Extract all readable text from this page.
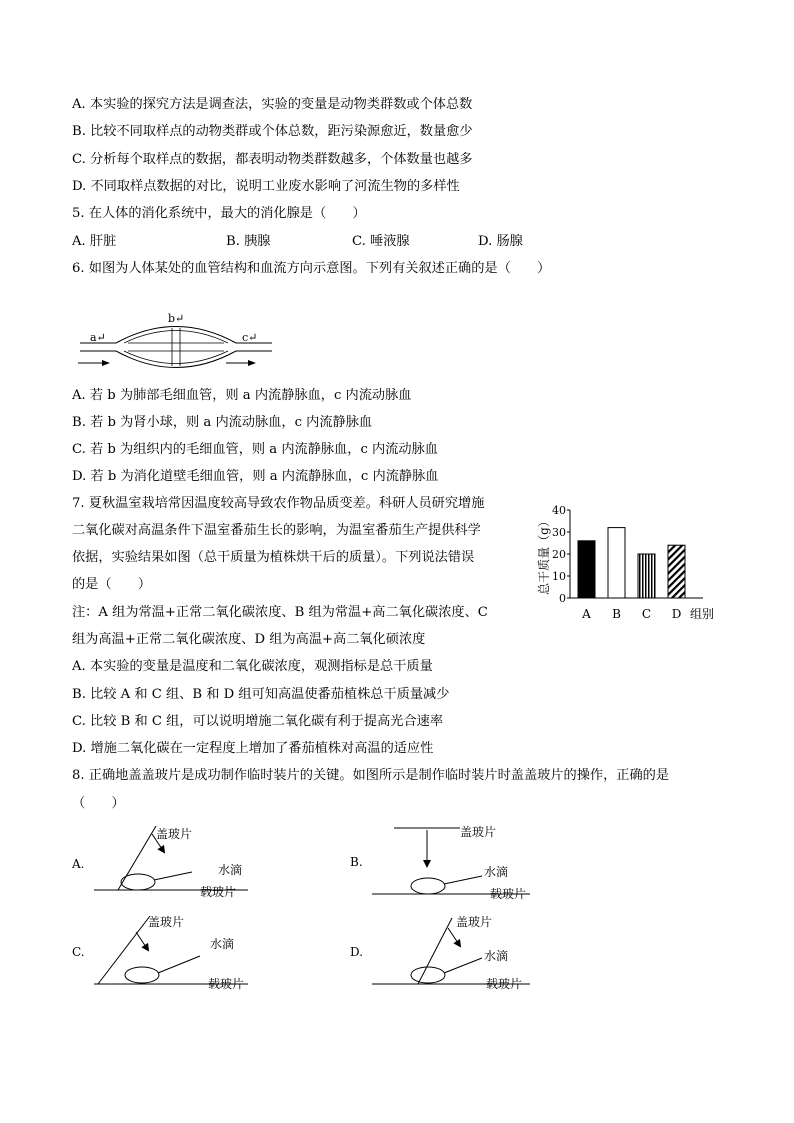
A. 本实验的探究方法是调查法，实验的变量是动物类群数或个体总数
B. 比较不同取样点的动物类群或个体总数，距污染源愈近，数量愈少
C. 分析每个取样点的数据，都表明动物类群数越多，个体数量也越多
D. 不同取样点数据的对比，说明工业废水影响了河流生物的多样性
5. 在人体的消化系统中，最大的消化腺是（　　）
A. 肝脏	B. 胰腺	C. 唾液腺	D. 肠腺
6. 如图为人体某处的血管结构和血流方向示意图。下列有关叙述正确的是（　　）
a↵
b↵
c↵
A. 若 b 为肺部毛细血管，则 a 内流静脉血，c 内流动脉血
B. 若 b 为肾小球，则 a 内流动脉血，c 内流静脉血
C. 若 b 为组织内的毛细血管，则 a 内流静脉血，c 内流动脉血
D. 若 b 为消化道壁毛细血管，则 a 内流静脉血，c 内流静脉血
7. 夏秋温室栽培常因温度较高导致农作物品质变差。科研人员研究增施
二氧化碳对高温条件下温室番茄生长的影响，为温室番茄生产提供科学
依据，实验结果如图（总干质量为植株烘干后的质量）。下列说法错误
的是（　　）
注：A 组为常温+正常二氧化碳浓度、B 组为常温+高二氧化碳浓度、C
组为高温+正常二氧化碳浓度、D 组为高温+高二氧化硕浓度
总干质量（g）
0
10
20
30
40
A B C D 组别
A. 本实验的变量是温度和二氧化碳浓度，观测指标是总干质量
B. 比较 A 和 C 组、B 和 D 组可知高温使番茄植株总干质量减少
C. 比较 B 和 C 组，可以说明增施二氧化碳有利于提高光合速率
D. 增施二氧化碳在一定程度上增加了番茄植株对高温的适应性
8. 正确地盖盖玻片是成功制作临时装片的关键。如图所示是制作临时装片时盖盖玻片的操作，正确的是
（　　）
A.
盖玻片
水滴
载玻片
B.
盖玻片
水滴
载玻片
C.
盖玻片
水滴
载玻片
D.
盖玻片
水滴
载玻片
